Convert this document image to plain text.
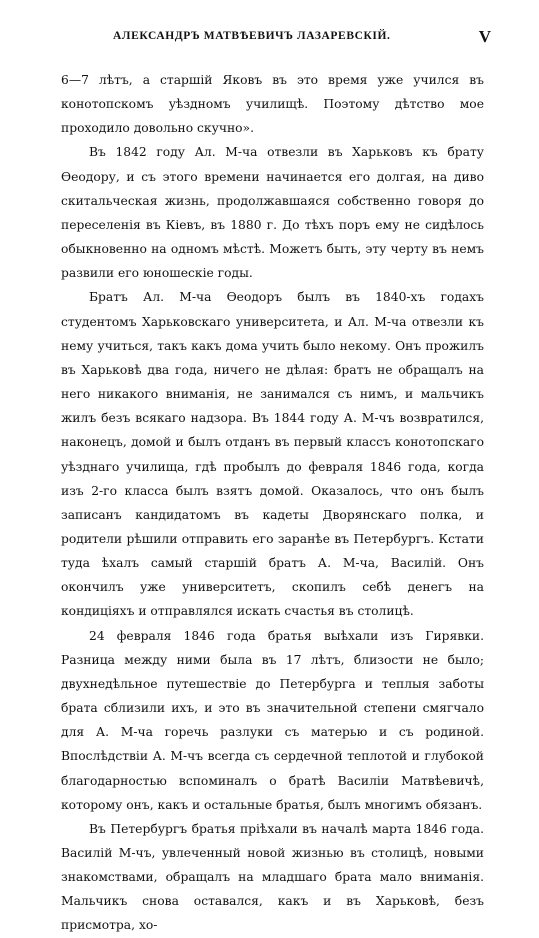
АЛЕКСАНДРЪ МАТВѢЕВИЧЪ ЛАЗАРЕВСКІЙ.	V

6—7 лѣтъ, а старшій Яковъ въ это время уже учился въ конотопскомъ уѣздномъ училищѣ. Поэтому дѣтство мое проходило довольно скучно».

Въ 1842 году Ал. М-ча отвезли въ Харьковъ къ брату Ѳеодору, и съ этого времени начинается его долгая, на диво скитальческая жизнь, продолжавшаяся собственно говоря до переселенія въ Кіевъ, въ 1880 г. До тѣхъ поръ ему не сидѣлось обыкновенно на одномъ мѣстѣ. Можетъ быть, эту черту въ немъ развили его юношескіе годы.

Братъ Ал. М-ча Ѳеодоръ былъ въ 1840-хъ годахъ студентомъ Харьковскаго университета, и Ал. М-ча отвезли къ нему учиться, такъ какъ дома учить было некому. Онъ прожилъ въ Харьковѣ два года, ничего не дѣлая: братъ не обращалъ на него никакого вниманія, не занимался съ нимъ, и мальчикъ жилъ безъ всякаго надзора. Въ 1844 году А. М-чъ возвратился, наконецъ, домой и былъ отданъ въ первый классъ конотопскаго уѣзднаго училища, гдѣ пробылъ до февраля 1846 года, когда изъ 2-го класса былъ взятъ домой. Оказалось, что онъ былъ записанъ кандидатомъ въ кадеты Дворянскаго полка, и родители рѣшили отправить его заранѣе въ Петербургъ. Кстати туда ѣхалъ самый старшій братъ А. М-ча, Василій. Онъ окончилъ уже университетъ, скопилъ себѣ денегъ на кондиціяхъ и отправлялся искать счастья въ столицѣ.

24 февраля 1846 года братья выѣхали изъ Гирявки. Разница между ними была въ 17 лѣтъ, близости не было; двухнедѣльное путешествіе до Петербурга и теплыя заботы брата сблизили ихъ, и это въ значительной степени смягчало для А. М-ча горечь разлуки съ матерью и съ родиной. Впослѣдствіи А. М-чъ всегда съ сердечной теплотой и глубокой благодарностью вспоминалъ о братѣ Василіи Матвѣевичѣ, которому онъ, какъ и остальные братья, былъ многимъ обязанъ.

Въ Петербургъ братья пріѣхали въ началѣ марта 1846 года. Василій М-чъ, увлеченный новой жизнью въ столицѣ, новыми знакомствами, обращалъ на младшаго брата мало вниманія. Мальчикъ снова оставался, какъ и въ Харьковѣ, безъ присмотра, хо-
